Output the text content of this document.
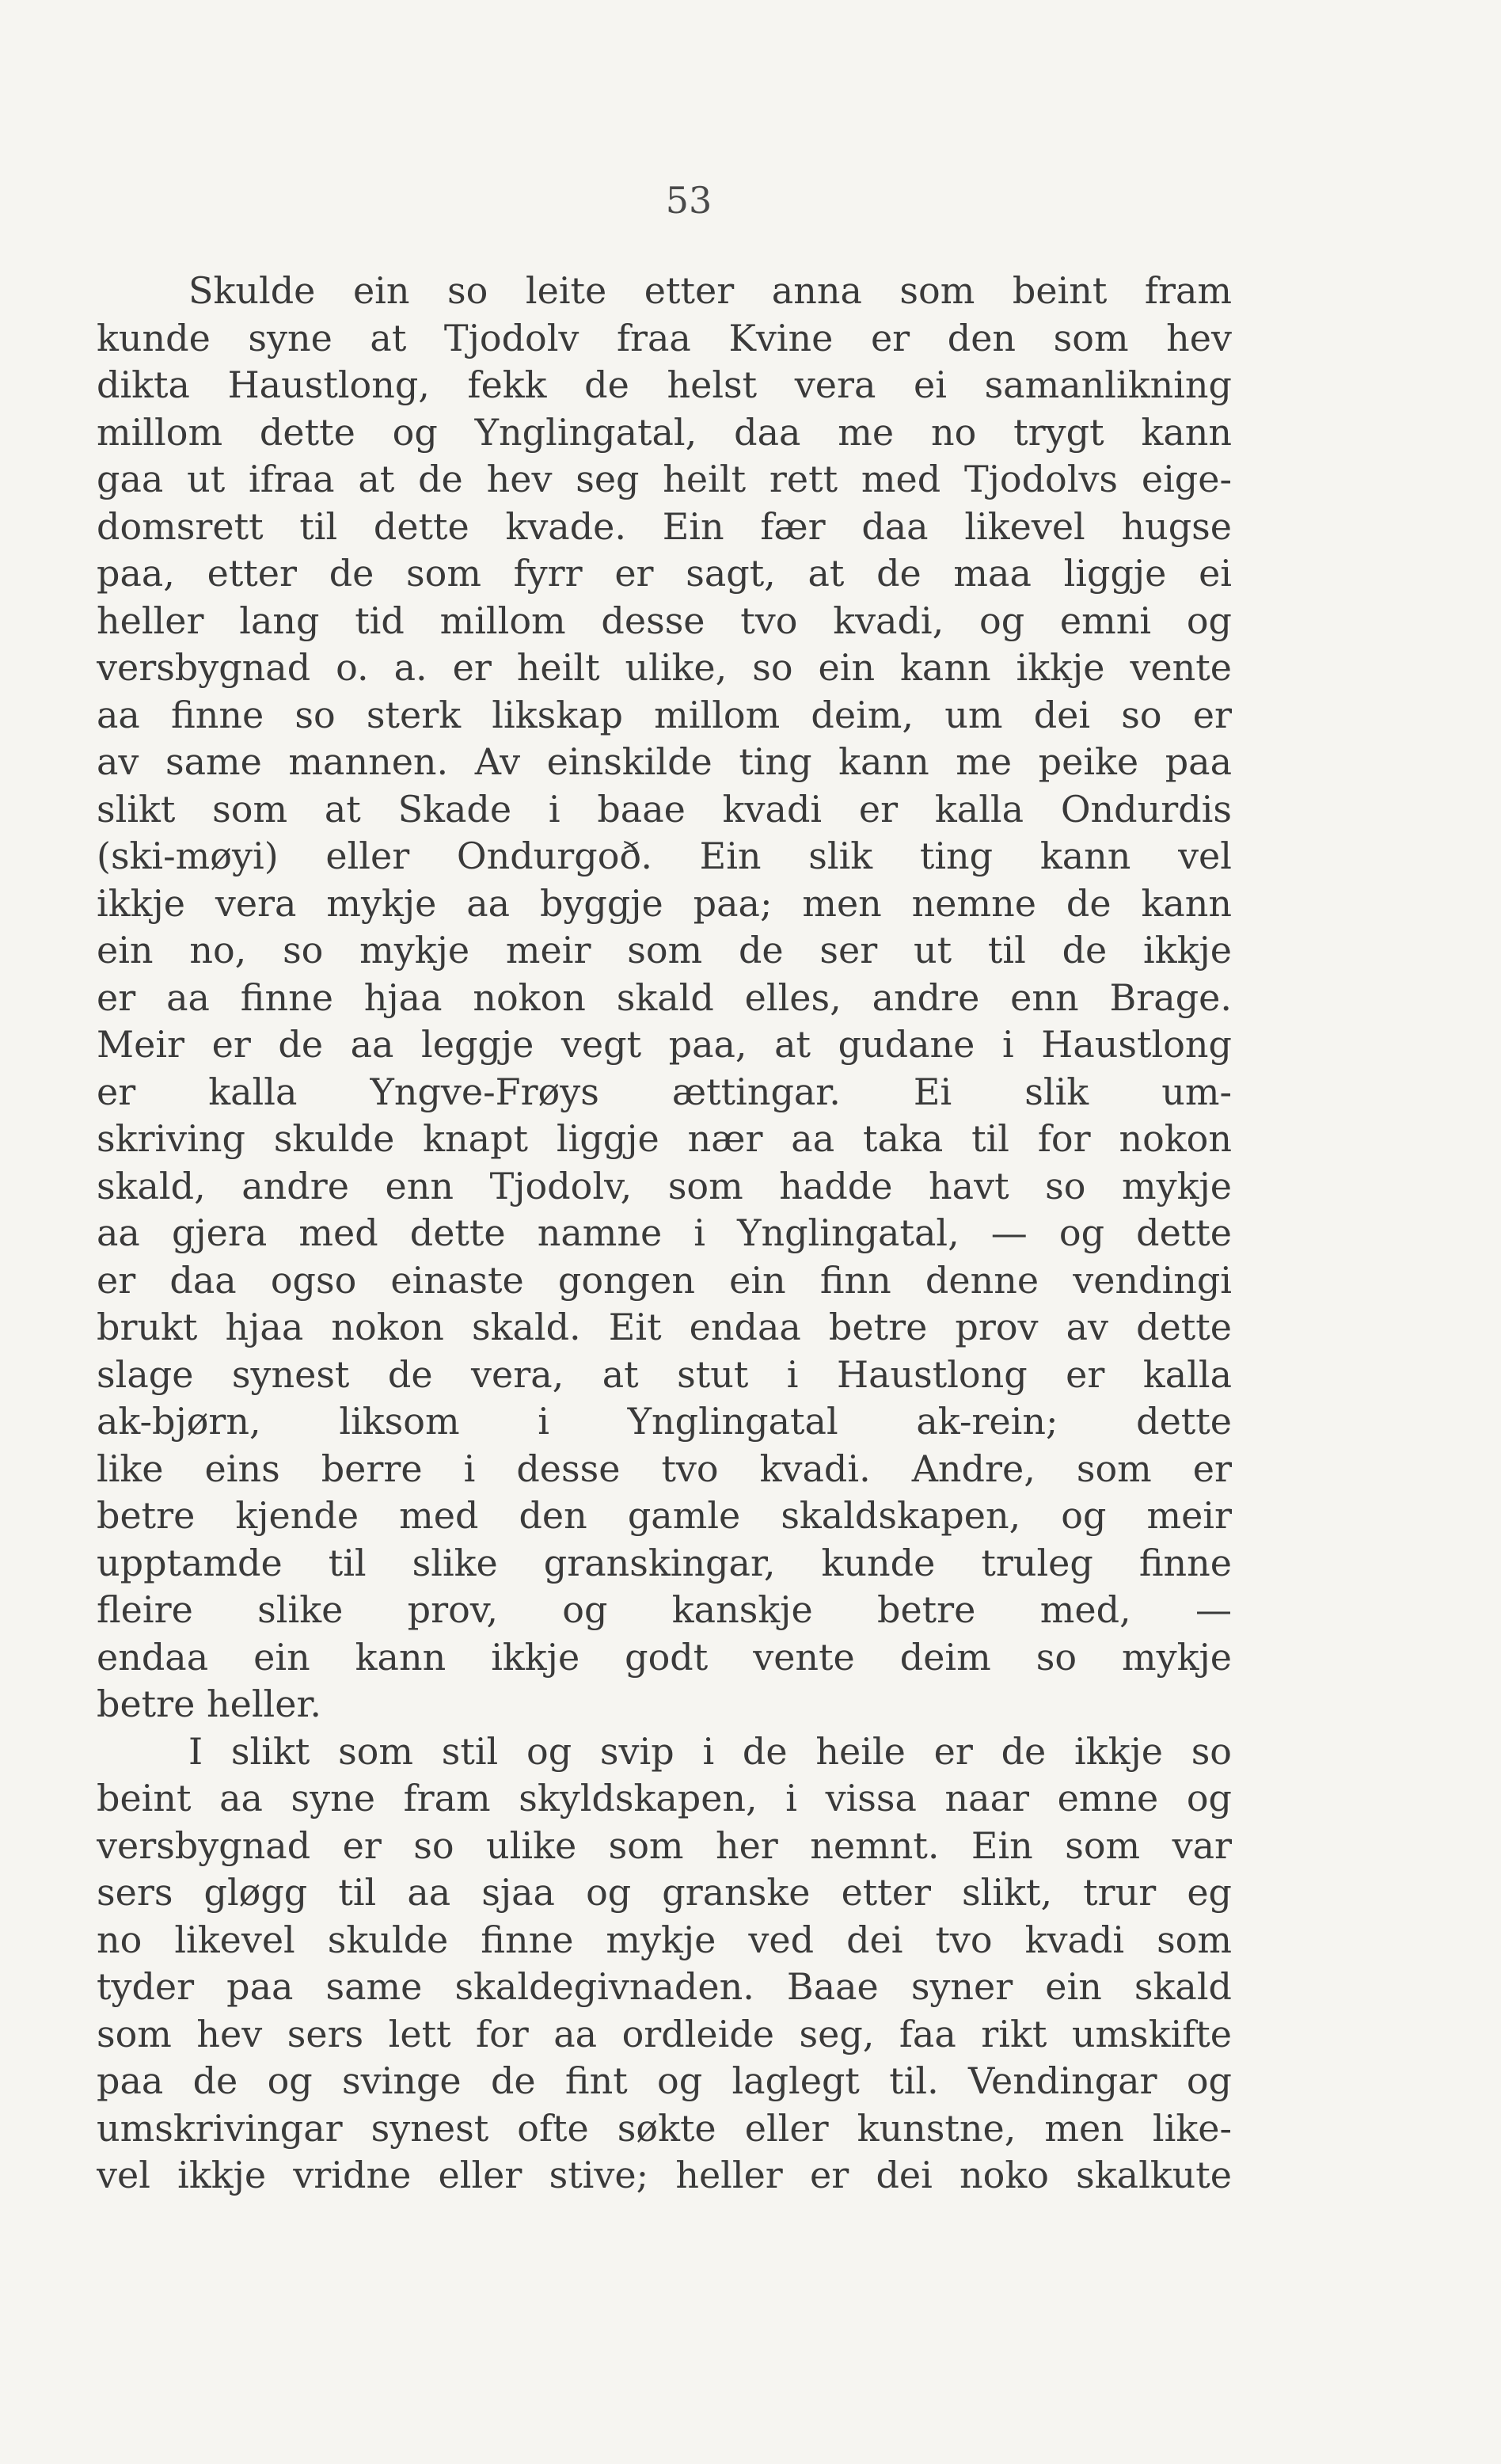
53
Skulde ein so leite etter anna som beint fram
kunde syne at Tjodolv fraa Kvine er den som hev
dikta Haustlong, fekk de helst vera ei samanlikning
millom dette og Ynglingatal, daa me no trygt kann
gaa ut ifraa at de hev seg heilt rett med Tjodolvs eige-
domsrett til dette kvade. Ein fær daa likevel hugse
paa, etter de som fyrr er sagt, at de maa liggje ei
heller lang tid millom desse tvo kvadi, og emni og
versbygnad o. a. er heilt ulike, so ein kann ikkje vente
aa finne so sterk likskap millom deim, um dei so er
av same mannen. Av einskilde ting kann me peike paa
slikt som at Skade i baae kvadi er kalla Ondurdis
(ski-møyi) eller Ondurgoð. Ein slik ting kann vel
ikkje vera mykje aa byggje paa; men nemne de kann
ein no, so mykje meir som de ser ut til de ikkje
er aa finne hjaa nokon skald elles, andre enn Brage.
Meir er de aa leggje vegt paa, at gudane i Haustlong
er kalla Yngve-Frøys ættingar. Ei slik um-
skriving skulde knapt liggje nær aa taka til for nokon
skald, andre enn Tjodolv, som hadde havt so mykje
aa gjera med dette namne i Ynglingatal, — og dette
er daa ogso einaste gongen ein finn denne vendingi
brukt hjaa nokon skald. Eit endaa betre prov av dette
slage synest de vera, at stut i Haustlong er kalla
ak-bjørn, liksom i Ynglingatal ak-rein; dette
like eins berre i desse tvo kvadi. Andre, som er
betre kjende med den gamle skaldskapen, og meir
upptamde til slike granskingar, kunde truleg finne
fleire slike prov, og kanskje betre med, —
endaa ein kann ikkje godt vente deim so mykje
betre heller.
I slikt som stil og svip i de heile er de ikkje so
beint aa syne fram skyldskapen, i vissa naar emne og
versbygnad er so ulike som her nemnt. Ein som var
sers gløgg til aa sjaa og granske etter slikt, trur eg
no likevel skulde finne mykje ved dei tvo kvadi som
tyder paa same skaldegivnaden. Baae syner ein skald
som hev sers lett for aa ordleide seg, faa rikt umskifte
paa de og svinge de fint og laglegt til. Vendingar og
umskrivingar synest ofte søkte eller kunstne, men like-
vel ikkje vridne eller stive; heller er dei noko skalkute
